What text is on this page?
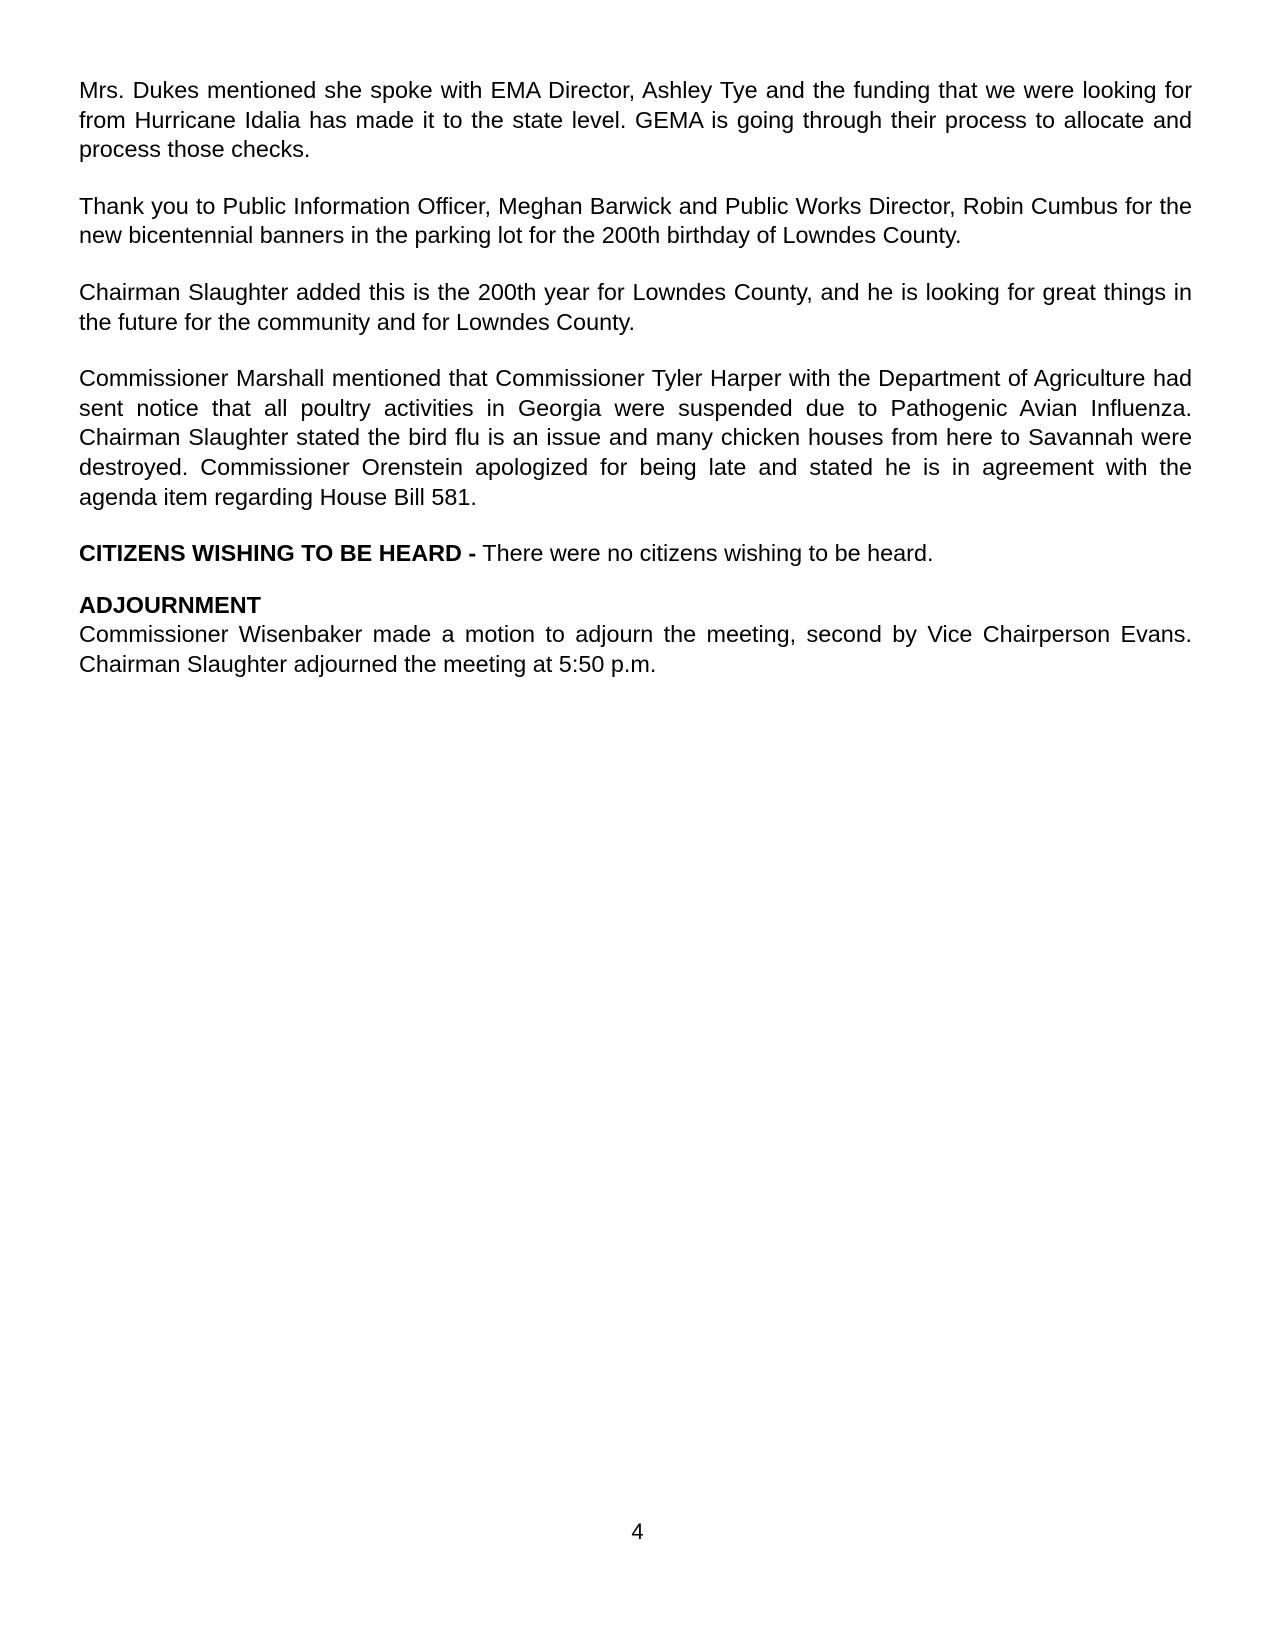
Mrs. Dukes mentioned she spoke with EMA Director, Ashley Tye and the funding that we were looking for from Hurricane Idalia has made it to the state level. GEMA is going through their process to allocate and process those checks.

Thank you to Public Information Officer, Meghan Barwick and Public Works Director, Robin Cumbus for the new bicentennial banners in the parking lot for the 200th birthday of Lowndes County.

Chairman Slaughter added this is the 200th year for Lowndes County, and he is looking for great things in the future for the community and for Lowndes County.

Commissioner Marshall mentioned that Commissioner Tyler Harper with the Department of Agriculture had sent notice that all poultry activities in Georgia were suspended due to Pathogenic Avian Influenza. Chairman Slaughter stated the bird flu is an issue and many chicken houses from here to Savannah were destroyed. Commissioner Orenstein apologized for being late and stated he is in agreement with the agenda item regarding House Bill 581.

CITIZENS WISHING TO BE HEARD - There were no citizens wishing to be heard.

ADJOURNMENT
Commissioner Wisenbaker made a motion to adjourn the meeting, second by Vice Chairperson Evans. Chairman Slaughter adjourned the meeting at 5:50 p.m.
4
